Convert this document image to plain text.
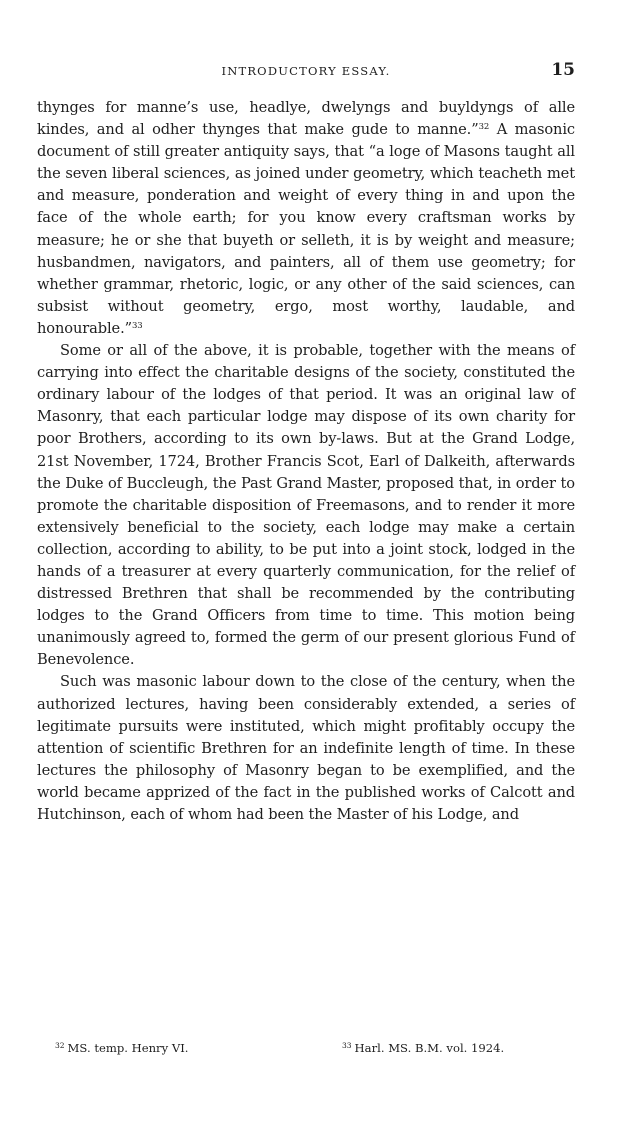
INTRODUCTORY ESSAY.	15

thynges for manne’s use, headlye, dwelyngs and buyldyngs of alle kindes, and al odher thynges that make gude to manne.”$^{32}$ A masonic document of still greater antiquity says, that “a loge of Masons taught all the seven liberal sciences, as joined under geometry, which teacheth met and measure, ponderation and weight of every thing in and upon the face of the whole earth; for you know every craftsman works by measure; he or she that buyeth or selleth, it is by weight and measure; husbandmen, navigators, and painters, all of them use geometry; for whether grammar, rhetoric, logic, or any other of the said sciences, can subsist without geometry, ergo, most worthy, laudable, and honourable.”$^{33}$

Some or all of the above, it is probable, together with the means of carrying into effect the charitable designs of the society, constituted the ordinary labour of the lodges of that period. It was an original law of Masonry, that each particular lodge may dispose of its own charity for poor Brothers, according to its own by-laws. But at the Grand Lodge, 21st November, 1724, Brother Francis Scot, Earl of Dalkeith, afterwards the Duke of Buccleugh, the Past Grand Master, proposed that, in order to promote the charitable disposition of Freemasons, and to render it more extensively beneficial to the society, each lodge may make a certain collection, according to ability, to be put into a joint stock, lodged in the hands of a treasurer at every quarterly communication, for the relief of distressed Brethren that shall be recommended by the contributing lodges to the Grand Officers from time to time. This motion being unanimously agreed to, formed the germ of our present glorious Fund of Benevolence.

Such was masonic labour down to the close of the century, when the authorized lectures, having been considerably extended, a series of legitimate pursuits were instituted, which might profitably occupy the attention of scientific Brethren for an indefinite length of time. In these lectures the philosophy of Masonry began to be exemplified, and the world became apprized of the fact in the published works of Calcott and Hutchinson, each of whom had been the Master of his Lodge, and

$^{32}$ MS. temp. Henry VI.	$^{33}$ Harl. MS. B.M. vol. 1924.
